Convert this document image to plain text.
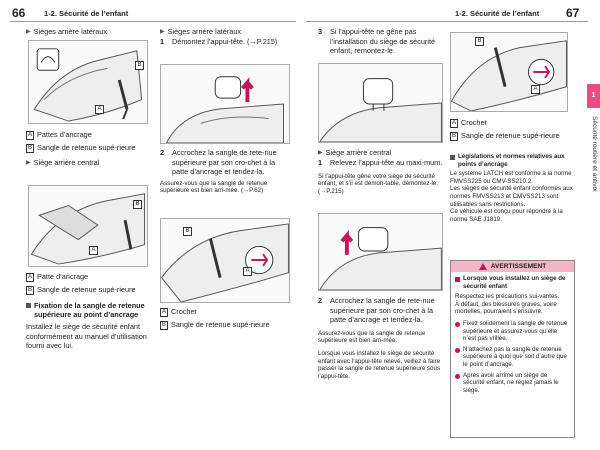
66 1-2. Sécurité de l’enfant	1-2. Sécurité de l’enfant 67
▶ Sièges arrière latéraux
B
A
A Pattes d’ancrage
B Sangle de retenue supé-rieure
▶ Siège arrière central
B
A
A Patte d’ancrage
B Sangle de retenue supé-rieure
Fixation de la sangle de retenue supérieure au point d’ancrage
Installez le siège de sécurité enfant conformément au manuel d’utilisation fourni avec lui.
▶ Sièges arrière latéraux
1	Démontez l’appui-tête. (→P.215)
2	Accrochez la sangle de rete-nue supérieure par son cro-chet à la patte d’ancrage et tendez-la.
Assurez-vous que la sangle de retenue supérieure est bien arri-mée. (→P.62)
B
A
A Crochet
B Sangle de retenue supé-rieure
3	Si l’appui-tête ne gêne pas l’installation du siège de sécurité enfant, remontez-le.
▶ Siège arrière central
1	Relevez l’appui-tête au maxi-mum.
Si l’appui-tête gêne votre siège de sécurité enfant, et s’il est démon-table, démontez-le. (→P.215)
2	Accrochez la sangle de rete-nue supérieure par son cro-chet à la patte d’ancrage et tendez-la.
Assurez-vous que la sangle de retenue supérieure est bien arri-mée.
Lorsque vous installez le siège de sécurité enfant avec l’appui-tête relevé, veillez à faire passer la sangle de retenue supérieure sous l’appui-tête.
B
A
A Crochet
B Sangle de retenue supé-rieure
Législations et normes relatives aux points d’ancrage
Le système LATCH est conforme à la norme FMVSS225 ou CMV-SS210.2.
Les sièges de sécurité enfant conformes aux normes FMVSS213 et CMVSS213 sont utilisables sans restrictions.
Ce véhicule est conçu pour répondre à la norme SAE J1819.
AVERTISSEMENT
Lorsque vous installez un siège de sécurité enfant
Respectez les précautions sui-vantes.
À défaut, des blessures graves, voire mortelles, pourraient s’ensuivre.
Fixez solidement la sangle de retenue supérieure et assurez-vous qu’elle n’est pas vrillée.
N’attachez pas la sangle de retenue supérieure à quoi que soit d’autre que le point d’ancrage.
Après avoir arrimé un siège de sécurité enfant, ne réglez jamais le siège.
1
Sécurité routière et antivol
